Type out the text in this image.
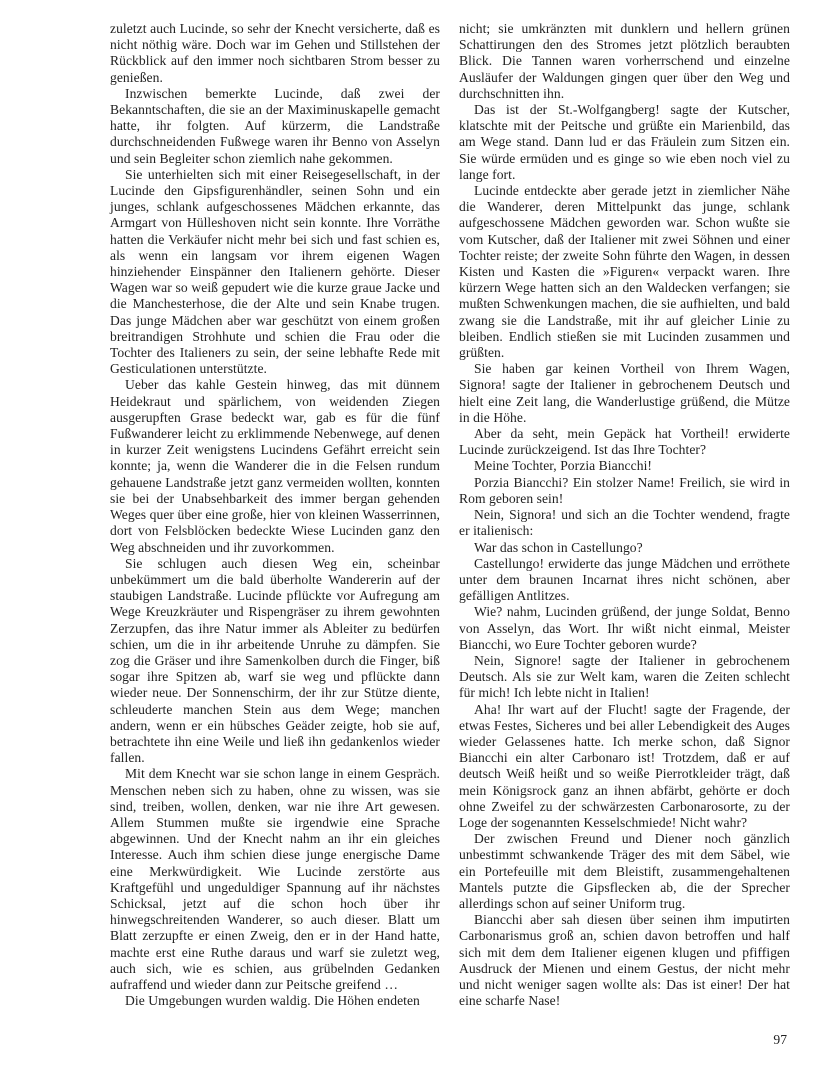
zuletzt auch Lucinde, so sehr der Knecht versicherte, daß es nicht nöthig wäre. Doch war im Gehen und Stillstehen der Rückblick auf den immer noch sichtbaren Strom besser zu genießen.

Inzwischen bemerkte Lucinde, daß zwei der Bekanntschaften, die sie an der Maximinuskapelle gemacht hatte, ihr folgten. Auf kürzerm, die Landstraße durchschneidenden Fußwege waren ihr Benno von Asselyn und sein Begleiter schon ziemlich nahe gekommen.

Sie unterhielten sich mit einer Reisegesellschaft, in der Lucinde den Gipsfigurenhändler, seinen Sohn und ein junges, schlank aufgeschossenes Mädchen erkannte, das Armgart von Hülleshoven nicht sein konnte. Ihre Vorräthe hatten die Verkäufer nicht mehr bei sich und fast schien es, als wenn ein langsam vor ihrem eigenen Wagen hinziehender Einspänner den Italienern gehörte. Dieser Wagen war so weiß gepudert wie die kurze graue Jacke und die Manchesterhose, die der Alte und sein Knabe trugen. Das junge Mädchen aber war geschützt von einem großen breitrandigen Strohhute und schien die Frau oder die Tochter des Italieners zu sein, der seine lebhafte Rede mit Gesticulationen unterstützte.

Ueber das kahle Gestein hinweg, das mit dünnem Heidekraut und spärlichem, von weidenden Ziegen ausgerupften Grase bedeckt war, gab es für die fünf Fußwanderer leicht zu erklimmende Nebenwege, auf denen in kurzer Zeit wenigstens Lucindens Gefährt erreicht sein konnte; ja, wenn die Wanderer die in die Felsen rundum gehauene Landstraße jetzt ganz vermeiden wollten, konnten sie bei der Unabsehbarkeit des immer bergan gehenden Weges quer über eine große, hier von kleinen Wasserrinnen, dort von Felsblöcken bedeckte Wiese Lucinden ganz den Weg abschneiden und ihr zuvorkommen.

Sie schlugen auch diesen Weg ein, scheinbar unbekümmert um die bald überholte Wandererin auf der staubigen Landstraße. Lucinde pflückte vor Aufregung am Wege Kreuzkräuter und Rispengräser zu ihrem gewohnten Zerzupfen, das ihre Natur immer als Ableiter zu bedürfen schien, um die in ihr arbeitende Unruhe zu dämpfen. Sie zog die Gräser und ihre Samenkolben durch die Finger, biß sogar ihre Spitzen ab, warf sie weg und pflückte dann wieder neue. Der Sonnenschirm, der ihr zur Stütze diente, schleuderte manchen Stein aus dem Wege; manchen andern, wenn er ein hübsches Geäder zeigte, hob sie auf, betrachtete ihn eine Weile und ließ ihn gedankenlos wieder fallen.

Mit dem Knecht war sie schon lange in einem Gespräch. Menschen neben sich zu haben, ohne zu wissen, was sie sind, treiben, wollen, denken, war nie ihre Art gewesen. Allem Stummen mußte sie irgendwie eine Sprache abgewinnen. Und der Knecht nahm an ihr ein gleiches Interesse. Auch ihm schien diese junge energische Dame eine Merkwürdigkeit. Wie Lucinde zerstörte aus Kraftgefühl und ungeduldiger Spannung auf ihr nächstes Schicksal, jetzt auf die schon hoch über ihr hinwegschreitenden Wanderer, so auch dieser. Blatt um Blatt zerzupfte er einen Zweig, den er in der Hand hatte, machte erst eine Ruthe daraus und warf sie zuletzt weg, auch sich, wie es schien, aus grübelnden Gedanken aufraffend und wieder dann zur Peitsche greifend …

Die Umgebungen wurden waldig. Die Höhen endeten

nicht; sie umkränzten mit dunklern und hellern grünen Schattirungen den des Stromes jetzt plötzlich beraubten Blick. Die Tannen waren vorherrschend und einzelne Ausläufer der Waldungen gingen quer über den Weg und durchschnitten ihn.

Das ist der St.-Wolfgangberg! sagte der Kutscher, klatschte mit der Peitsche und grüßte ein Marienbild, das am Wege stand. Dann lud er das Fräulein zum Sitzen ein. Sie würde ermüden und es ginge so wie eben noch viel zu lange fort.

Lucinde entdeckte aber gerade jetzt in ziemlicher Nähe die Wanderer, deren Mittelpunkt das junge, schlank aufgeschossene Mädchen geworden war. Schon wußte sie vom Kutscher, daß der Italiener mit zwei Söhnen und einer Tochter reiste; der zweite Sohn führte den Wagen, in dessen Kisten und Kasten die »Figuren« verpackt waren. Ihre kürzern Wege hatten sich an den Waldecken verfangen; sie mußten Schwenkungen machen, die sie aufhielten, und bald zwang sie die Landstraße, mit ihr auf gleicher Linie zu bleiben. Endlich stießen sie mit Lucinden zusammen und grüßten.

Sie haben gar keinen Vortheil von Ihrem Wagen, Signora! sagte der Italiener in gebrochenem Deutsch und hielt eine Zeit lang, die Wanderlustige grüßend, die Mütze in die Höhe.

Aber da seht, mein Gepäck hat Vortheil! erwiderte Lucinde zurückzeigend. Ist das Ihre Tochter?

Meine Tochter, Porzia Biancchi!

Porzia Biancchi? Ein stolzer Name! Freilich, sie wird in Rom geboren sein!

Nein, Signora! und sich an die Tochter wendend, fragte er italienisch:

War das schon in Castellungo?

Castellungo! erwiderte das junge Mädchen und erröthete unter dem braunen Incarnat ihres nicht schönen, aber gefälligen Antlitzes.

Wie? nahm, Lucinden grüßend, der junge Soldat, Benno von Asselyn, das Wort. Ihr wißt nicht einmal, Meister Biancchi, wo Eure Tochter geboren wurde?

Nein, Signore! sagte der Italiener in gebrochenem Deutsch. Als sie zur Welt kam, waren die Zeiten schlecht für mich! Ich lebte nicht in Italien!

Aha! Ihr wart auf der Flucht! sagte der Fragende, der etwas Festes, Sicheres und bei aller Lebendigkeit des Auges wieder Gelassenes hatte. Ich merke schon, daß Signor Biancchi ein alter Carbonaro ist! Trotzdem, daß er auf deutsch Weiß heißt und so weiße Pierrotkleider trägt, daß mein Königsrock ganz an ihnen abfärbt, gehörte er doch ohne Zweifel zu der schwärzesten Carbonarosorte, zu der Loge der sogenannten Kesselschmiede! Nicht wahr?

Der zwischen Freund und Diener noch gänzlich unbestimmt schwankende Träger des mit dem Säbel, wie ein Portefeuille mit dem Bleistift, zusammengehaltenen Mantels putzte die Gipsflecken ab, die der Sprecher allerdings schon auf seiner Uniform trug.

Biancchi aber sah diesen über seinen ihm imputirten Carbonarismus groß an, schien davon betroffen und half sich mit dem dem Italiener eigenen klugen und pfiffigen Ausdruck der Mienen und einem Gestus, der nicht mehr und nicht weniger sagen wollte als: Das ist einer! Der hat eine scharfe Nase!

97
